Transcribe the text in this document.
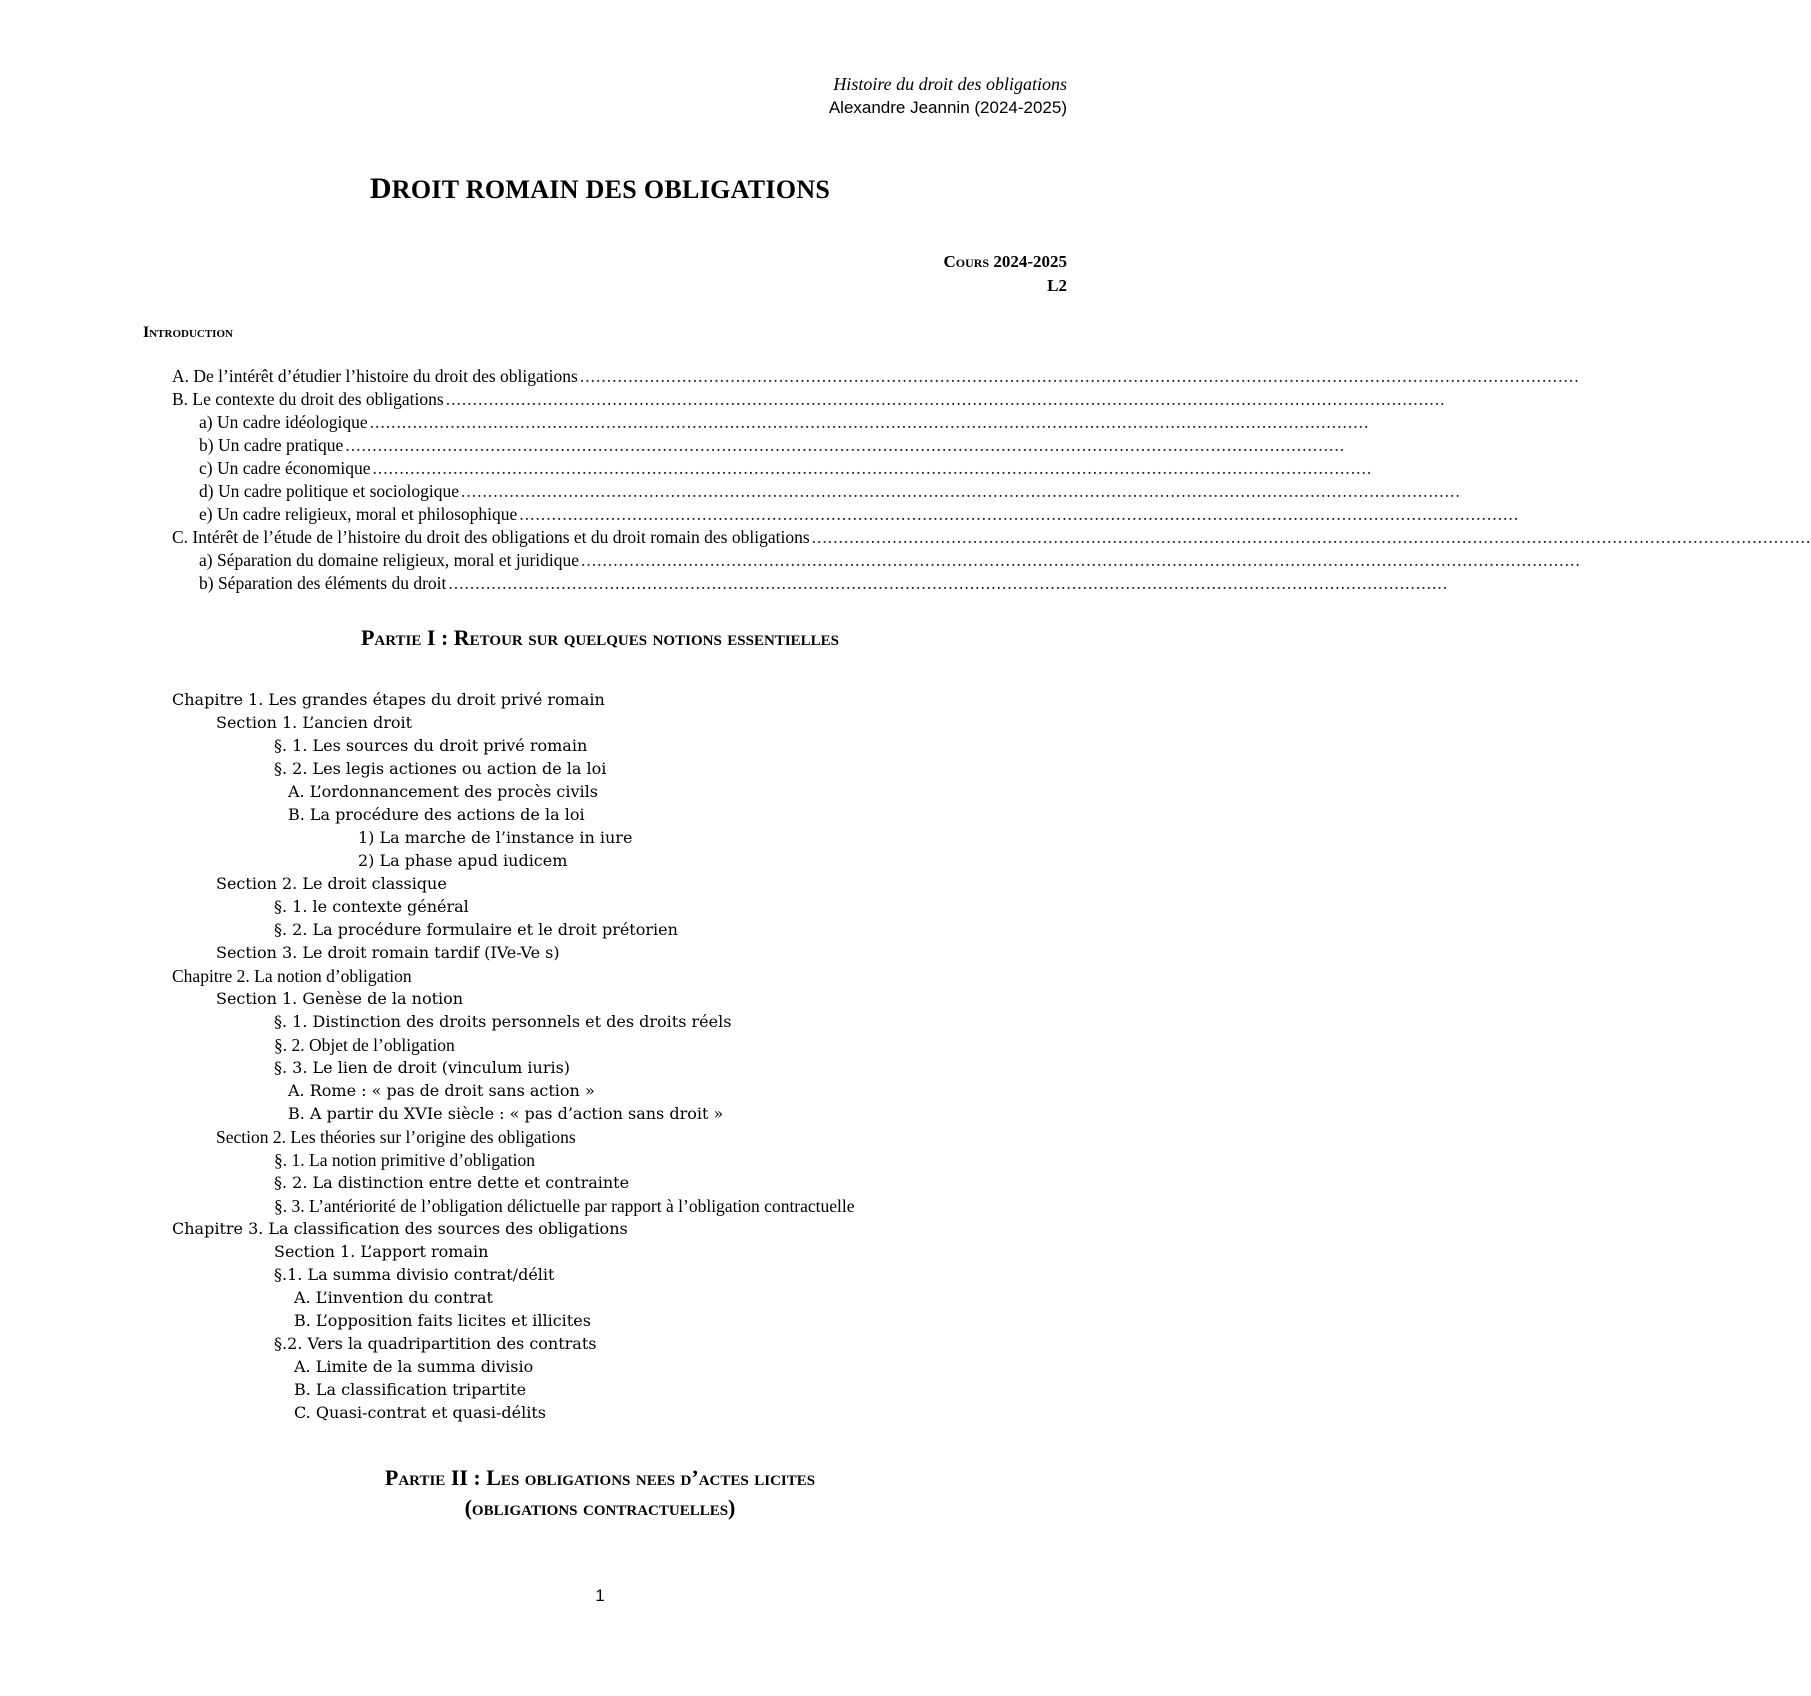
Histoire du droit des obligations
Alexandre Jeannin (2024-2025)
DROIT ROMAIN DES OBLIGATIONS
Cours 2024-2025
L2
Introduction
A. De l’intérêt d’étudier l’histoire du droit des obligations ..........................................................................................................................................................................................
B. Le contexte du droit des obligations ..........................................................................................................................................................................................
a) Un cadre idéologique ..........................................................................................................................................................................................
b) Un cadre pratique ..........................................................................................................................................................................................
c) Un cadre économique ..........................................................................................................................................................................................
d) Un cadre politique et sociologique ..........................................................................................................................................................................................
e) Un cadre religieux, moral et philosophique ..........................................................................................................................................................................................
C. Intérêt de l’étude de l’histoire du droit des obligations et du droit romain des obligations ..........................................................................................................................................................................................
a) Séparation du domaine religieux, moral et juridique ..........................................................................................................................................................................................
b) Séparation des éléments du droit ..........................................................................................................................................................................................
Partie I : Retour sur quelques notions essentielles
Chapitre 1. Les grandes étapes du droit privé romain
Section 1. L’ancien droit
§. 1. Les sources du droit privé romain
§. 2. Les legis actiones ou action de la loi
A. L’ordonnancement des procès civils
B. La procédure des actions de la loi
1) La marche de l’instance in iure
2) La phase apud iudicem
Section 2. Le droit classique
§. 1. le contexte général
§. 2. La procédure formulaire et le droit prétorien
Section 3. Le droit romain tardif (IVe-Ve s)
Chapitre 2. La notion d’obligation
Section 1. Genèse de la notion
§. 1. Distinction des droits personnels et des droits réels
§. 2. Objet de l’obligation
§. 3. Le lien de droit (vinculum iuris)
A. Rome : « pas de droit sans action »
B. A partir du XVIe siècle : « pas d’action sans droit »
Section 2. Les théories sur l’origine des obligations
§. 1. La notion primitive d’obligation
§. 2. La distinction entre dette et contrainte
§. 3. L’antériorité de l’obligation délictuelle par rapport à l’obligation contractuelle
Chapitre 3. La classification des sources des obligations
Section 1. L’apport romain
§.1. La summa divisio contrat/délit
A. L’invention du contrat
B. L’opposition faits licites et illicites
§.2. Vers la quadripartition des contrats
A. Limite de la summa divisio
B. La classification tripartite
C. Quasi-contrat et quasi-délits
Partie II : Les obligations nees d’actes licites
(obligations contractuelles)
1
